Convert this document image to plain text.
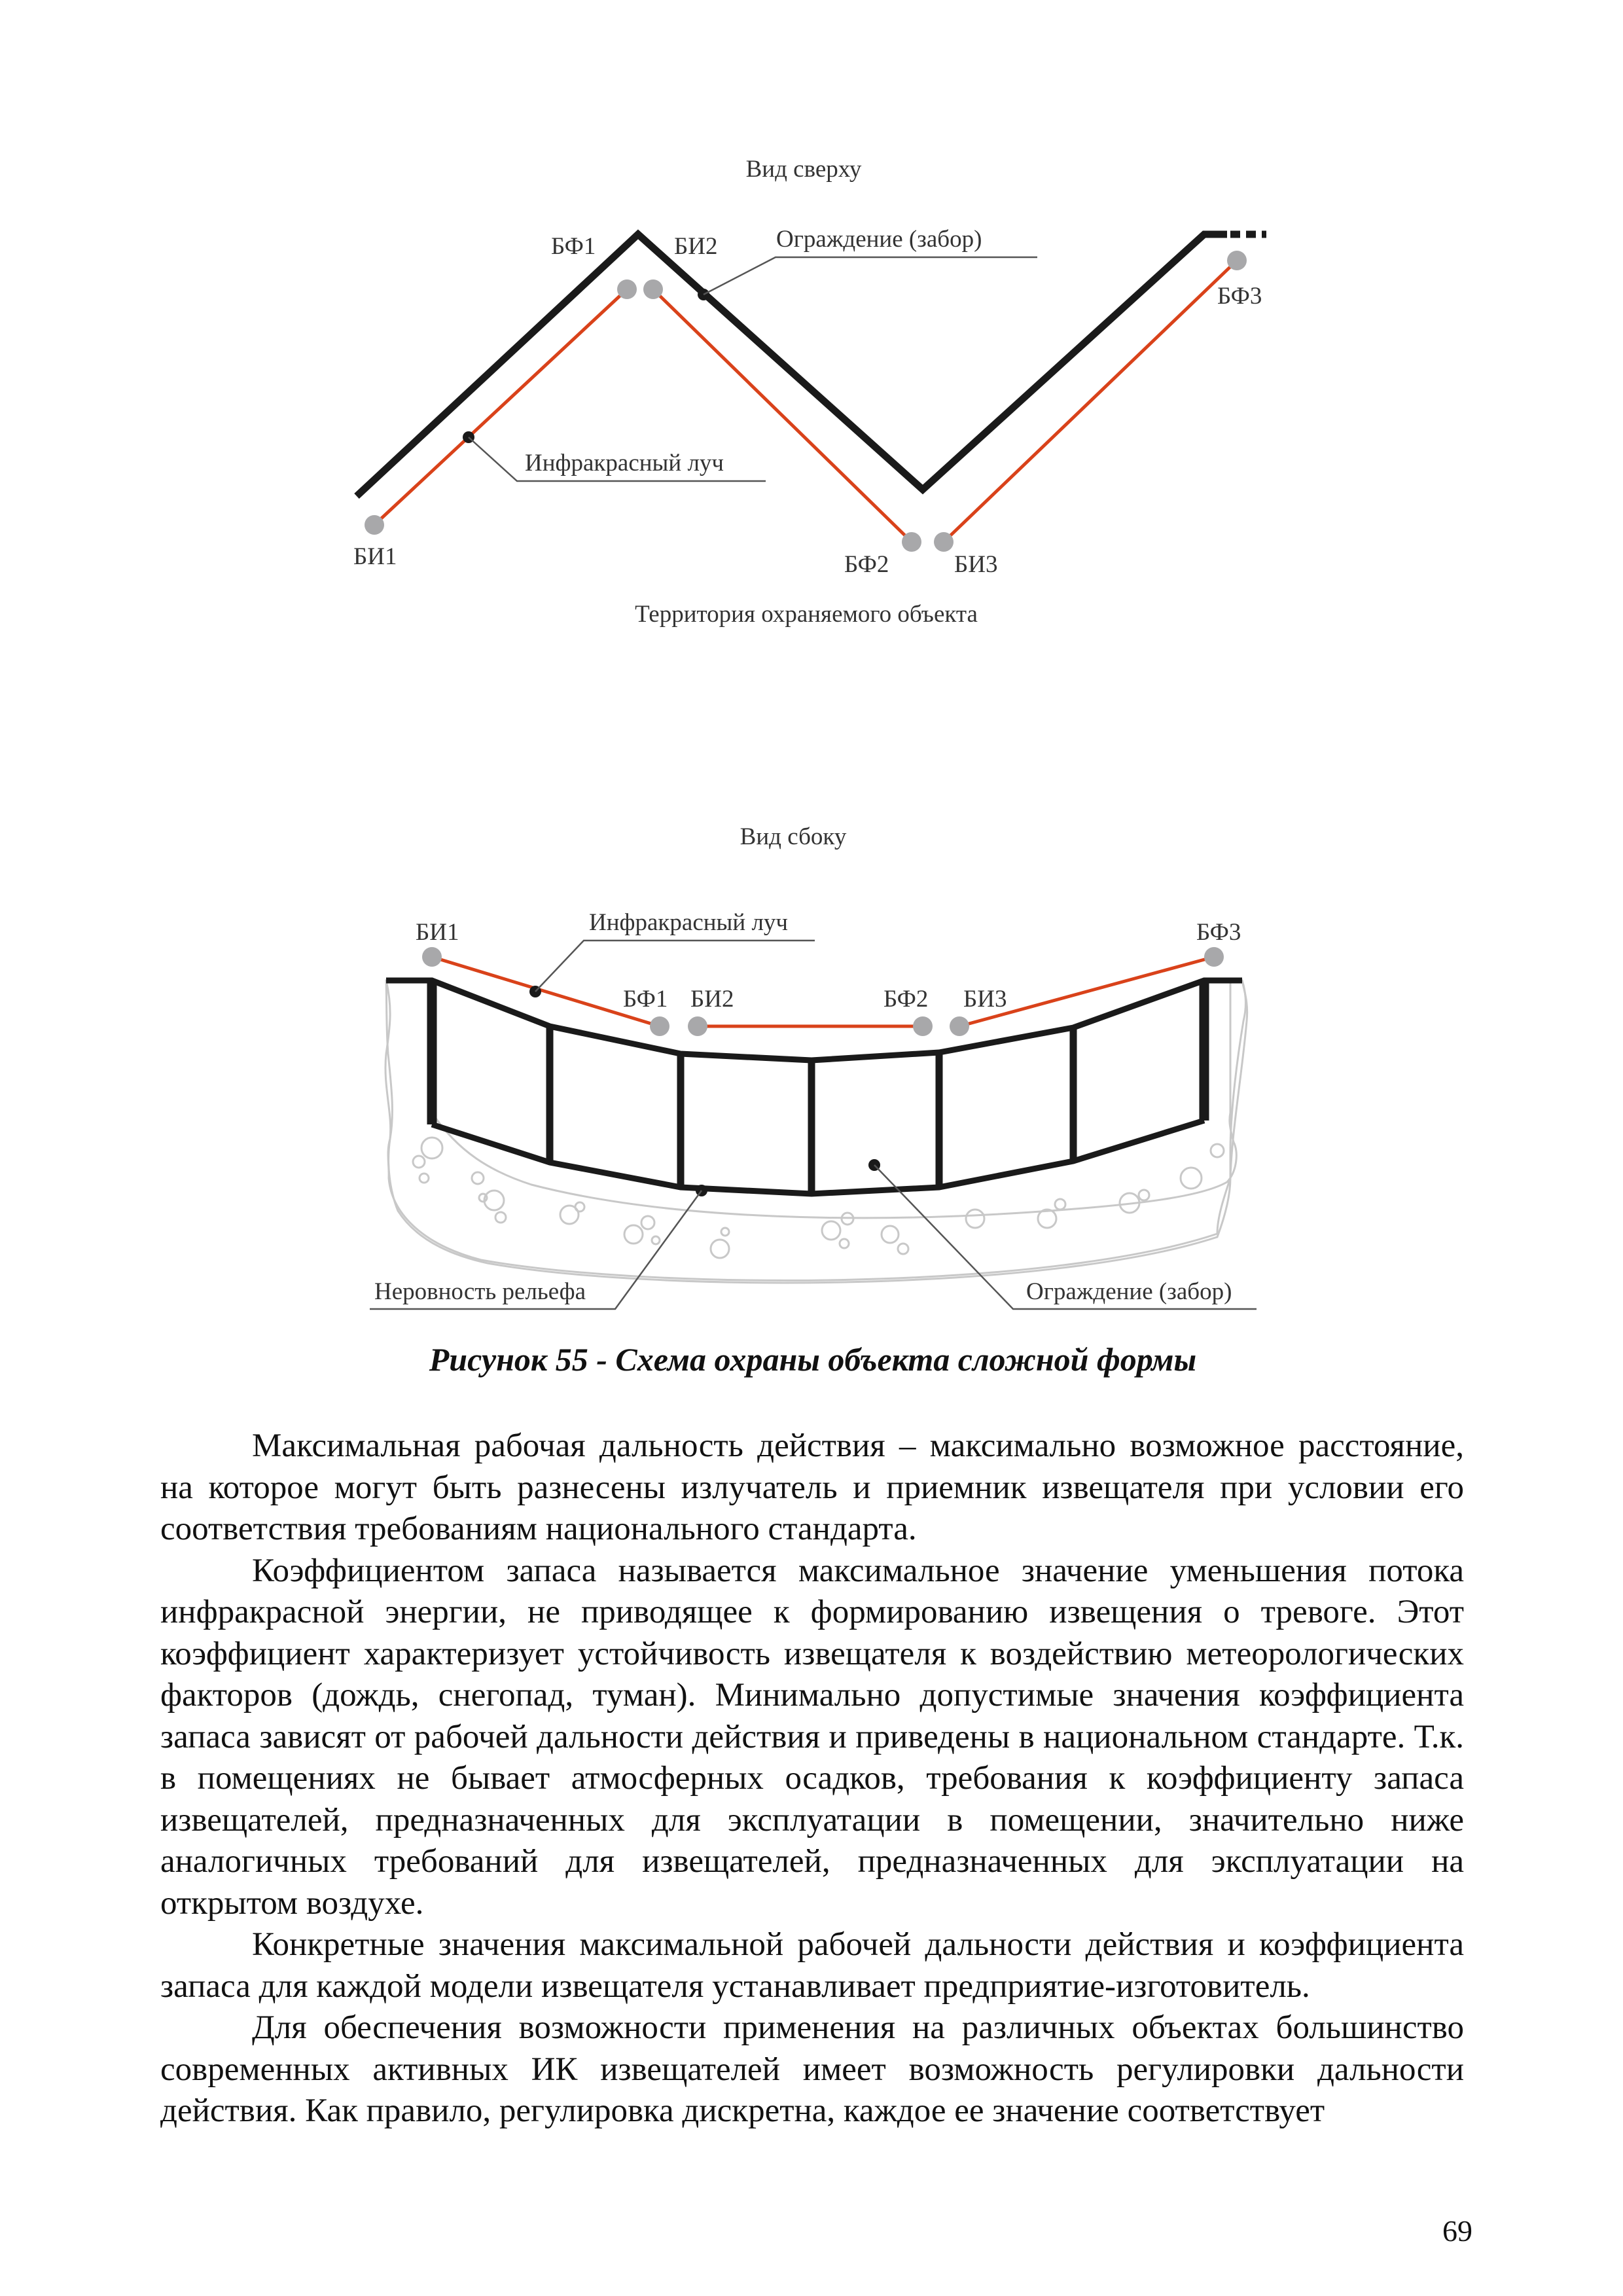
Вид сверху
Ограждение (забор)
Инфракрасный луч
БФ1	БИ2
БФ3
БИ1	БФ2	БИ3
Территория охраняемого объекта
Вид сбоку
БИ1
БФ1 БИ2	БФ2 БИ3
БФ3
Инфракрасный луч
Неровность рельефа	Ограждение (забор)
Рисунок 55 - Схема охраны объекта сложной формы

Максимальная рабочая дальность действия – максимально возможное расстояние, на которое могут быть разнесены излучатель и приемник извещателя при условии его соответствия требованиям национального стандарта.

Коэффициентом запаса называется максимальное значение уменьшения потока инфракрасной энергии, не приводящее к формированию извещения о тревоге. Этот коэффициент характеризует устойчивость извещателя к воздействию метеорологических факторов (дождь, снегопад, туман). Минимально допустимые значения коэффициента запаса зависят от рабочей дальности действия и приведены в национальном стандарте. Т.к. в помещениях не бывает атмосферных осадков, требования к коэффициенту запаса извещателей, предназначенных для эксплуатации в помещении, значительно ниже аналогичных требований для извещателей, предназначенных для эксплуатации на открытом воздухе.

Конкретные значения максимальной рабочей дальности действия и коэффициента запаса для каждой модели извещателя устанавливает предприятие-изготовитель.

Для обеспечения возможности применения на различных объектах большинство современных активных ИК извещателей имеет возможность регулировки дальности действия. Как правило, регулировка дискретна, каждое ее значение соответствует

69
